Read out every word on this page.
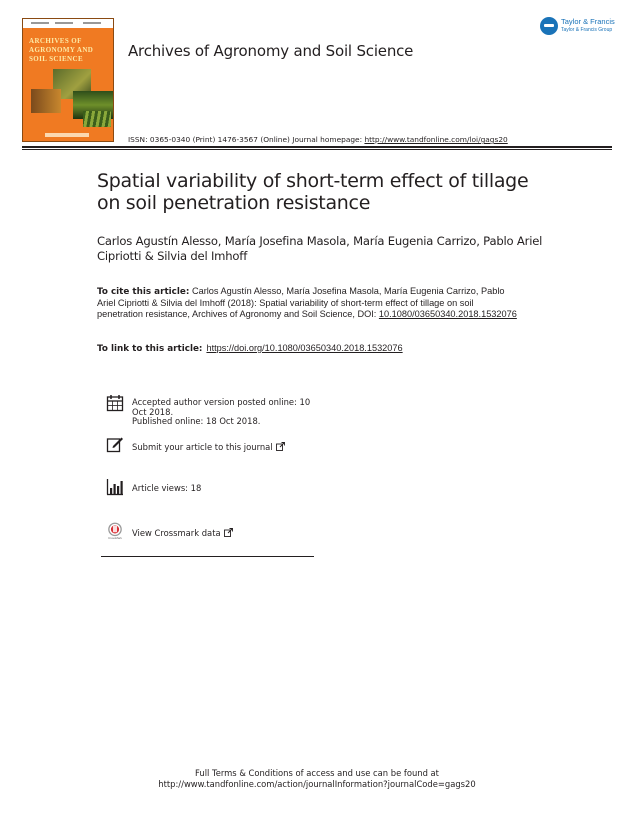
ARCHIVES OF
AGRONOMY AND
SOIL SCIENCE	Archives of Agronomy and Soil Science
ISSN: 0365-0340 (Print) 1476-3567 (Online) Journal homepage: http://www.tandfonline.com/loi/gags20
Taylor & Francis
Taylor & Francis Group
Spatial variability of short-term effect of tillage on soil penetration resistance
Carlos Agustín Alesso, María Josefina Masola, María Eugenia Carrizo, Pablo Ariel Cipriotti & Silvia del Imhoff
To cite this article: Carlos Agustín Alesso, María Josefina Masola, María Eugenia Carrizo, Pablo Ariel Cipriotti & Silvia del Imhoff (2018): Spatial variability of short-term effect of tillage on soil penetration resistance, Archives of Agronomy and Soil Science, DOI: 10.1080/03650340.2018.1532076
To link to this article: https://doi.org/10.1080/03650340.2018.1532076
Accepted author version posted online: 10
Oct 2018.
Published online: 18 Oct 2018.
Submit your article to this journal
Article views: 18
CrossMark
View Crossmark data
Full Terms & Conditions of access and use can be found at
http://www.tandfonline.com/action/journalInformation?journalCode=gags20
